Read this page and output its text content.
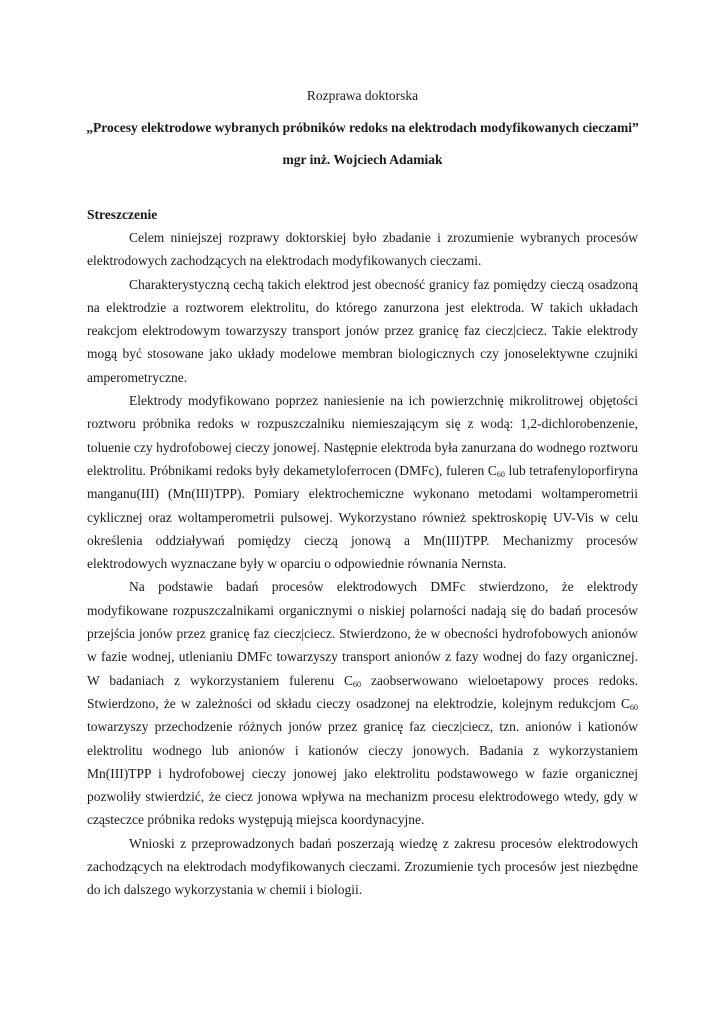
Rozprawa doktorska
„Procesy elektrodowe wybranych próbników redoks na elektrodach modyfikowanych cieczami”
mgr inż. Wojciech Adamiak
Streszczenie

Celem niniejszej rozprawy doktorskiej było zbadanie i zrozumienie wybranych procesów elektrodowych zachodzących na elektrodach modyfikowanych cieczami.

Charakterystyczną cechą takich elektrod jest obecność granicy faz pomiędzy cieczą osadzoną na elektrodzie a roztworem elektrolitu, do którego zanurzona jest elektroda. W takich układach reakcjom elektrodowym towarzyszy transport jonów przez granicę faz ciecz|ciecz. Takie elektrody mogą być stosowane jako układy modelowe membran biologicznych czy jonoselektywne czujniki amperometryczne.

Elektrody modyfikowano poprzez naniesienie na ich powierzchnię mikrolitrowej objętości roztworu próbnika redoks w rozpuszczalniku niemieszającym się z wodą: 1,2-dichlorobenzenie, toluenie czy hydrofobowej cieczy jonowej. Następnie elektroda była zanurzana do wodnego roztworu elektrolitu. Próbnikami redoks były dekametyloferrocen (DMFc), fuleren $C_{60}$ lub tetrafenyloporfiryna manganu(III) (Mn(III)TPP). Pomiary elektrochemiczne wykonano metodami woltamperometrii cyklicznej oraz woltamperometrii pulsowej. Wykorzystano również spektroskopię UV-Vis w celu określenia oddziaływań pomiędzy cieczą jonową a Mn(III)TPP. Mechanizmy procesów elektrodowych wyznaczane były w oparciu o odpowiednie równania Nernsta.

Na podstawie badań procesów elektrodowych DMFc stwierdzono, że elektrody modyfikowane rozpuszczalnikami organicznymi o niskiej polarności nadają się do badań procesów przejścia jonów przez granicę faz ciecz|ciecz. Stwierdzono, że w obecności hydrofobowych anionów w fazie wodnej, utlenianiu DMFc towarzyszy transport anionów z fazy wodnej do fazy organicznej. W badaniach z wykorzystaniem fulerenu $C_{60}$ zaobserwowano wieloetapowy proces redoks. Stwierdzono, że w zależności od składu cieczy osadzonej na elektrodzie, kolejnym redukcjom $C_{60}$ towarzyszy przechodzenie różnych jonów przez granicę faz ciecz|ciecz, tzn. anionów i kationów elektrolitu wodnego lub anionów i kationów cieczy jonowych. Badania z wykorzystaniem Mn(III)TPP i hydrofobowej cieczy jonowej jako elektrolitu podstawowego w fazie organicznej pozwoliły stwierdzić, że ciecz jonowa wpływa na mechanizm procesu elektrodowego wtedy, gdy w cząsteczce próbnika redoks występują miejsca koordynacyjne.

Wnioski z przeprowadzonych badań poszerzają wiedzę z zakresu procesów elektrodowych zachodzących na elektrodach modyfikowanych cieczami. Zrozumienie tych procesów jest niezbędne do ich dalszego wykorzystania w chemii i biologii.
